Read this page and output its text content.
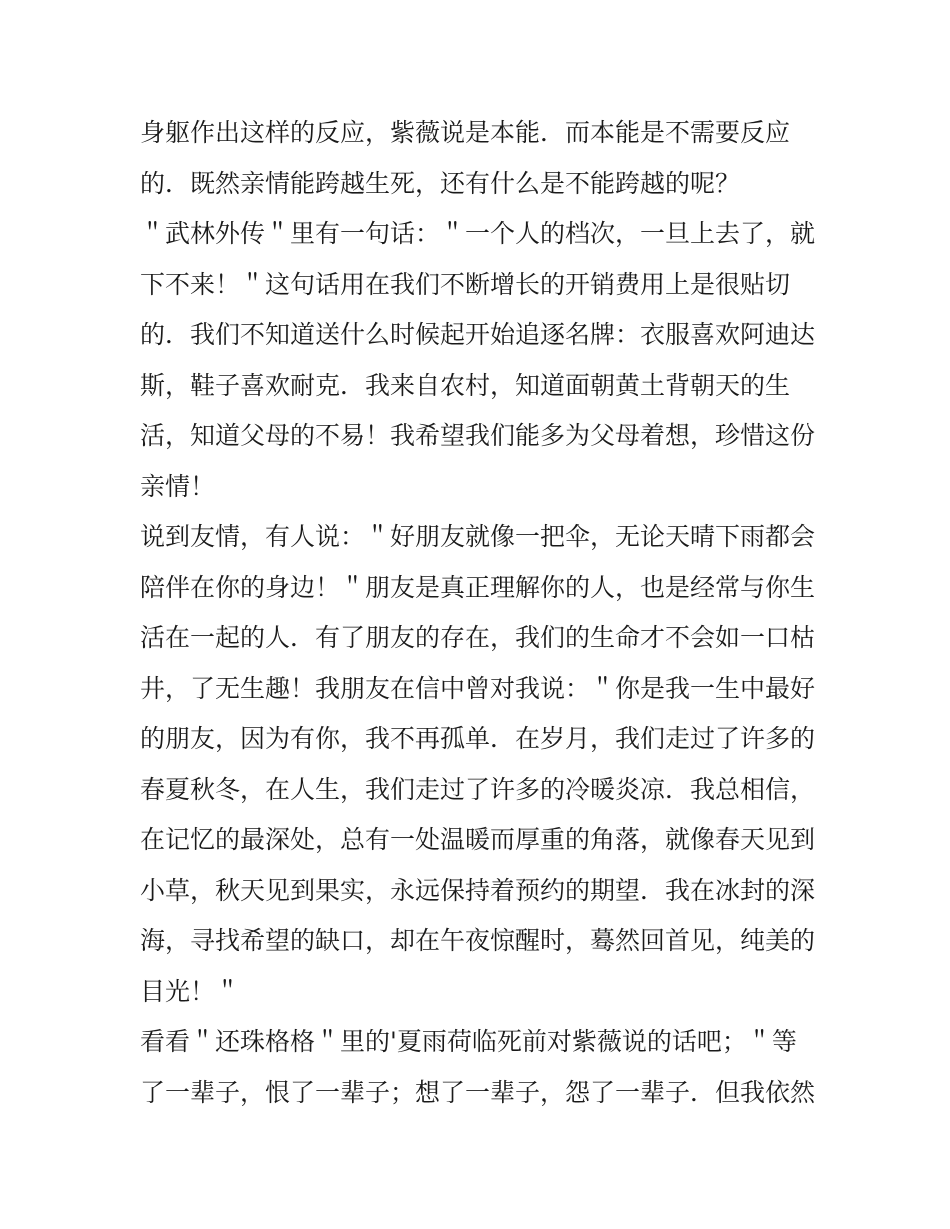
身躯作出这样的反应，紫薇说是本能．而本能是不需要反应
的．既然亲情能跨越生死，还有什么是不能跨越的呢？
＂武林外传＂里有一句话：＂一个人的档次，一旦上去了，就
下不来！＂这句话用在我们不断增长的开销费用上是很贴切
的．我们不知道送什么时候起开始追逐名牌：衣服喜欢阿迪达
斯，鞋子喜欢耐克．我来自农村，知道面朝黄土背朝天的生
活，知道父母的不易！我希望我们能多为父母着想，珍惜这份
亲情！
说到友情，有人说：＂好朋友就像一把伞，无论天晴下雨都会
陪伴在你的身边！＂朋友是真正理解你的人，也是经常与你生
活在一起的人．有了朋友的存在，我们的生命才不会如一口枯
井，了无生趣！我朋友在信中曾对我说：＂你是我一生中最好
的朋友，因为有你，我不再孤单．在岁月，我们走过了许多的
春夏秋冬，在人生，我们走过了许多的冷暖炎凉．我总相信，
在记忆的最深处，总有一处温暖而厚重的角落，就像春天见到
小草，秋天见到果实，永远保持着预约的期望．我在冰封的深
海，寻找希望的缺口，却在午夜惊醒时，蓦然回首见，纯美的
目光！＂
看看＂还珠格格＂里的'夏雨荷临死前对紫薇说的话吧；＂等
了一辈子，恨了一辈子；想了一辈子，怨了一辈子．但我依然
